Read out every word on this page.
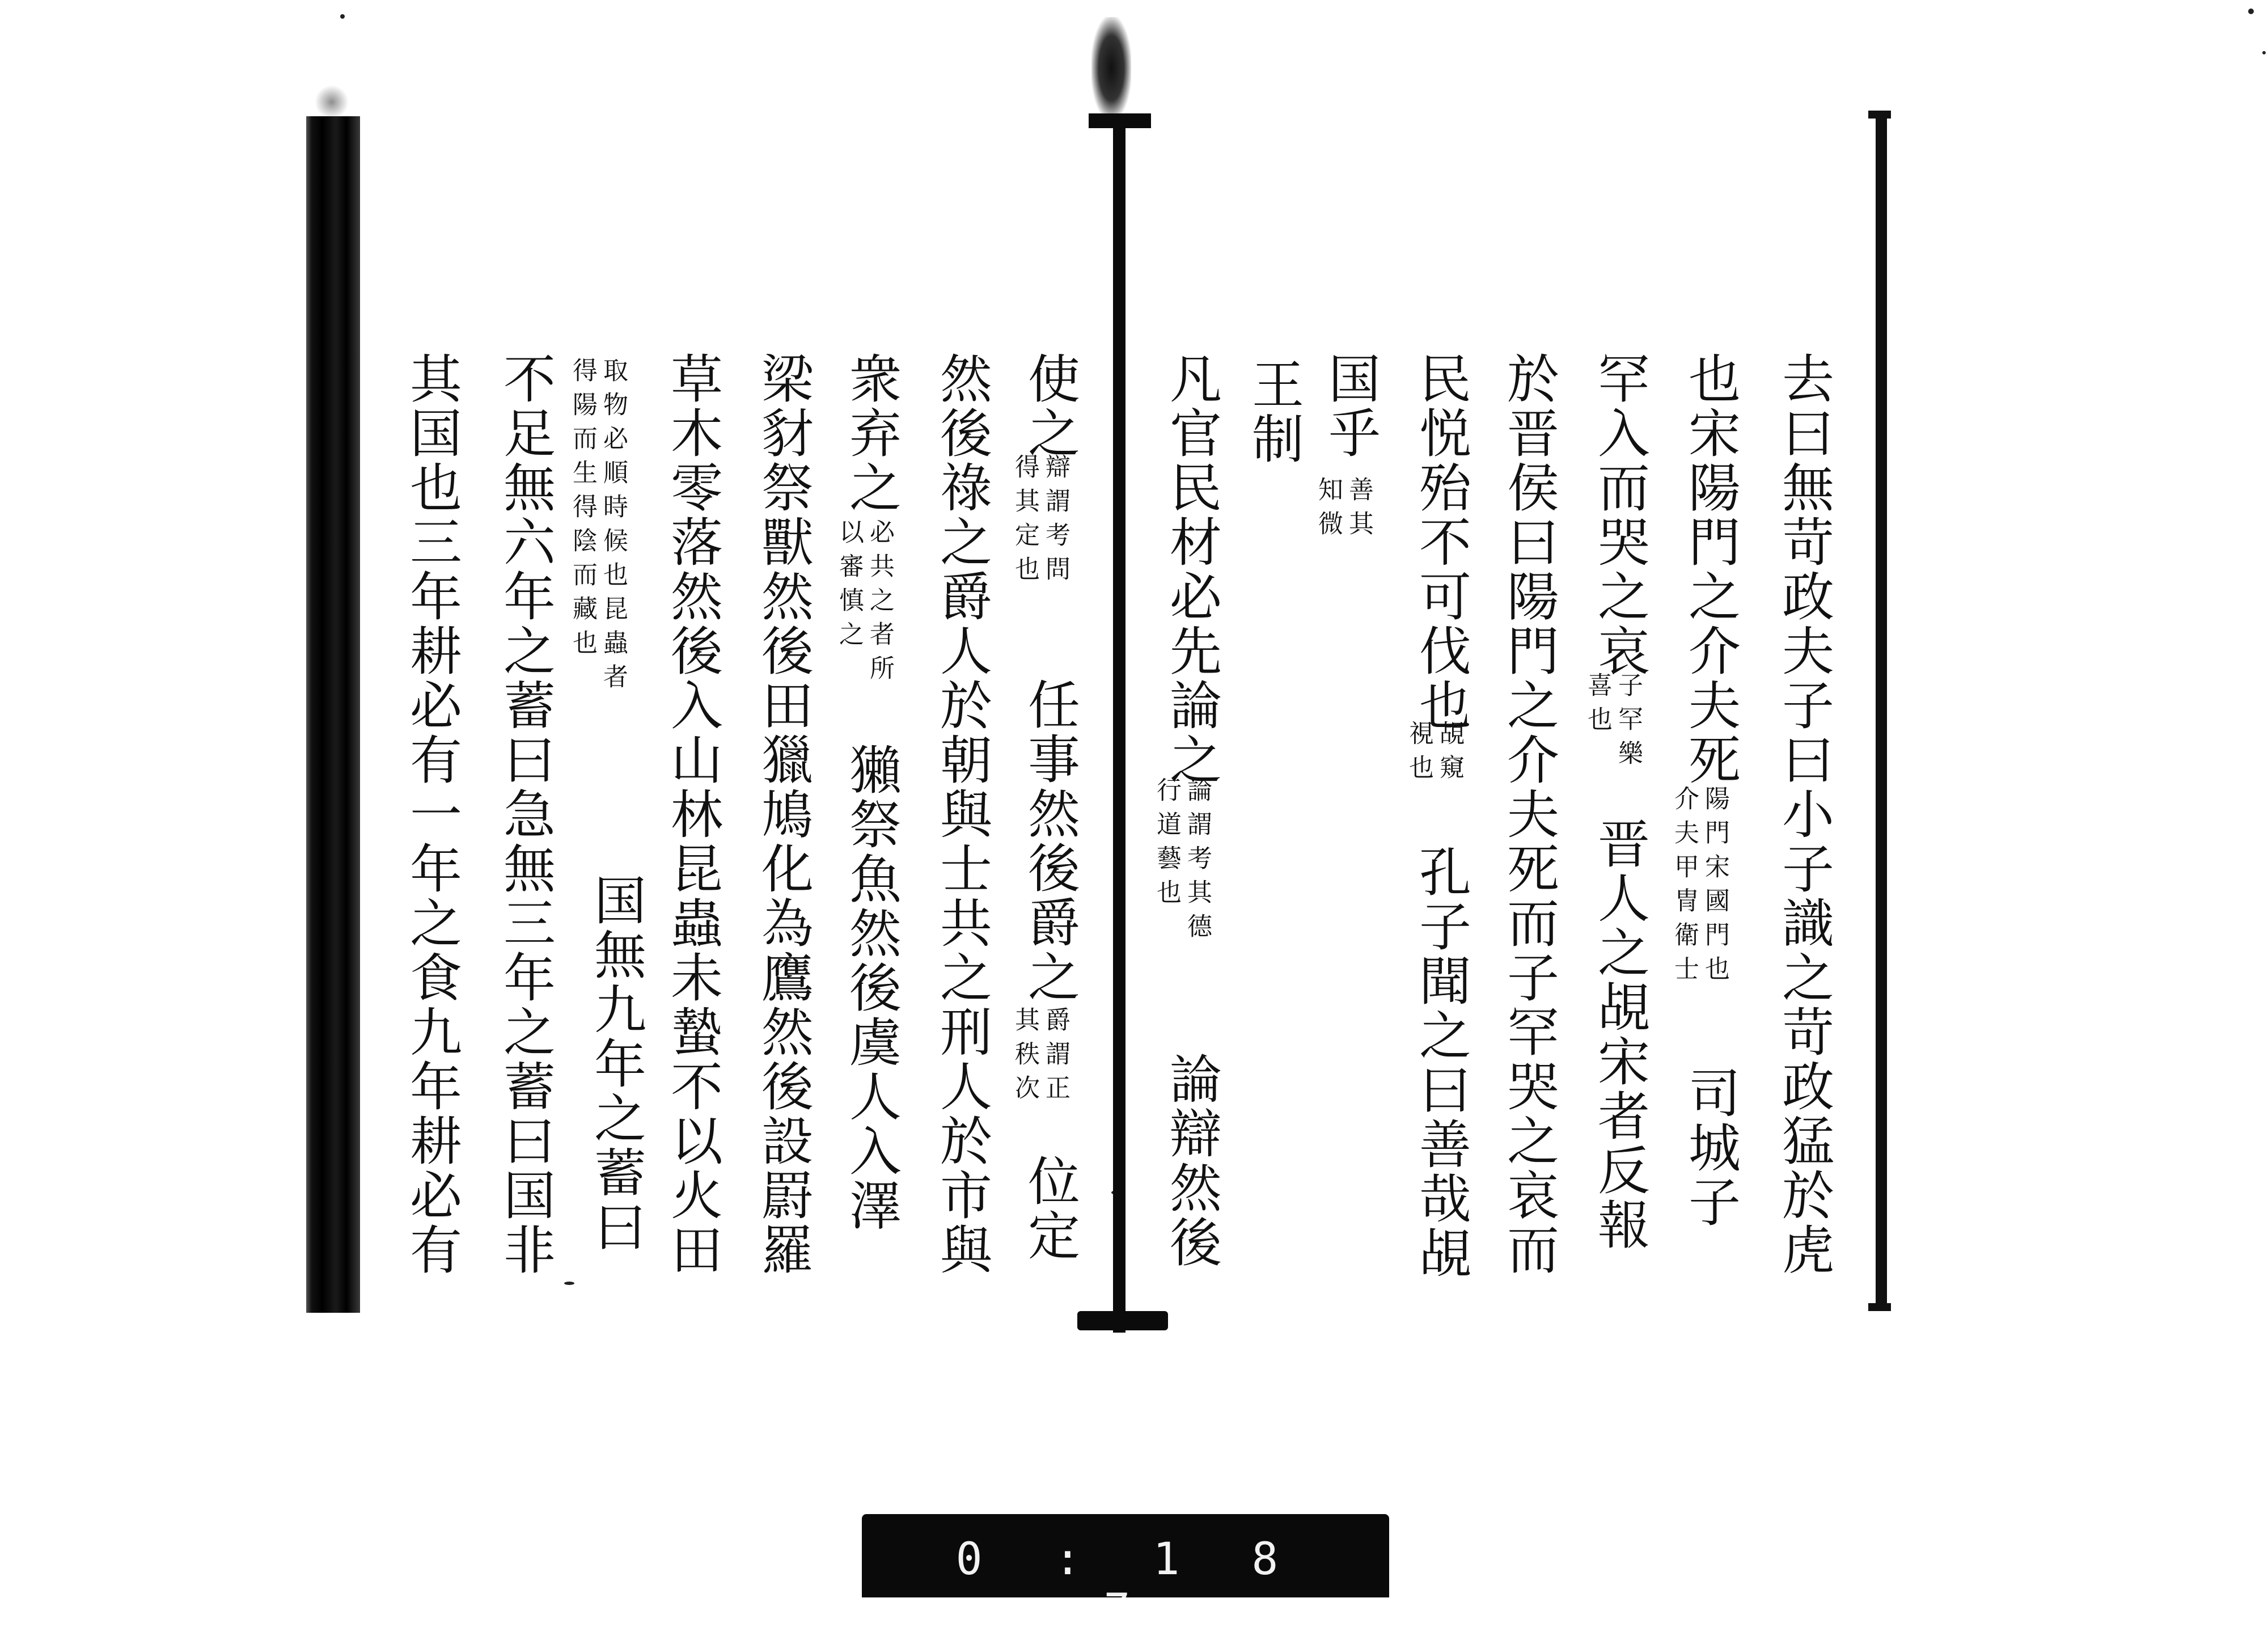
去曰無苛政夫子曰小子識之苛政猛於虎
也宋陽門之介夫死
陽門宋國門也
介夫甲冑衛士
司城子
罕入而哭之哀
子罕樂
喜也
晋人之覘宋者反報
於晋侯曰陽門之介夫死而子罕哭之哀而
民悦殆不可伐也
覘窺
視也
孔子聞之曰善哉覘
国乎
善其
知微
王制
凡官民材必先論之
論謂考其德
行道藝也
論辯然後
使之
辯謂考問
得其定也
任事然後爵之
爵謂正
其秩次
位定
然後祿之爵人於朝與士共之刑人於市與
衆弃之
必共之者所
以審慎之
獺祭魚然後虞人入澤
梁豺祭獸然後田獵鳩化為鷹然後設罻羅
草木零落然後入山林昆蟲未蟄不以火田
取物必順時候也昆蟲者
得陽而生得陰而藏也
国無九年之蓄曰
不足無六年之蓄曰急無三年之蓄曰国非
其国也三年耕必有一年之食九年耕必有
0 : 1 8 7
